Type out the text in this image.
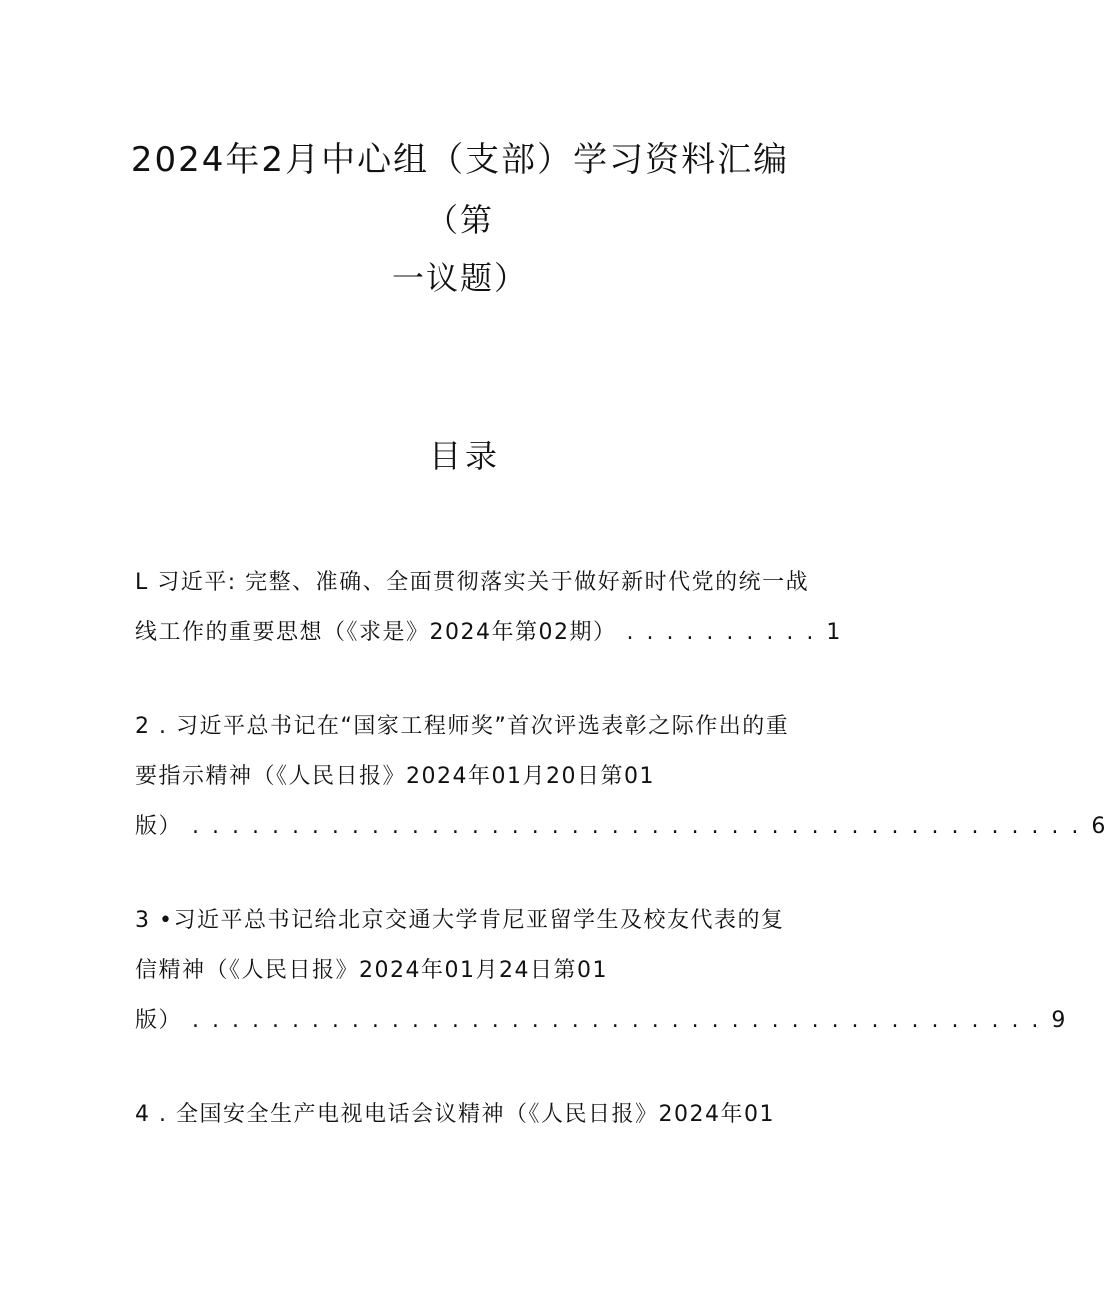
2024年2月中心组（支部）学习资料汇编
（第
一议题）
目录
L 习近平: 完整、准确、全面贯彻落实关于做好新时代党的统一战
线工作的重要思想（《求是》2024年第02期） . . . . . . . . . . 1
2 . 习近平总书记在“国家工程师奖”首次评选表彰之际作出的重
要指示精神（《人民日报》2024年01月20日第01
版） . . . . . . . . . . . . . . . . . . . . . . . . . . . . . . . . . . . . . . . . . . . . . 6
3 •习近平总书记给北京交通大学肯尼亚留学生及校友代表的复
信精神（《人民日报》2024年01月24日第01
版） . . . . . . . . . . . . . . . . . . . . . . . . . . . . . . . . . . . . . . . . . . . 9
4 . 全国安全生产电视电话会议精神（《人民日报》2024年01
